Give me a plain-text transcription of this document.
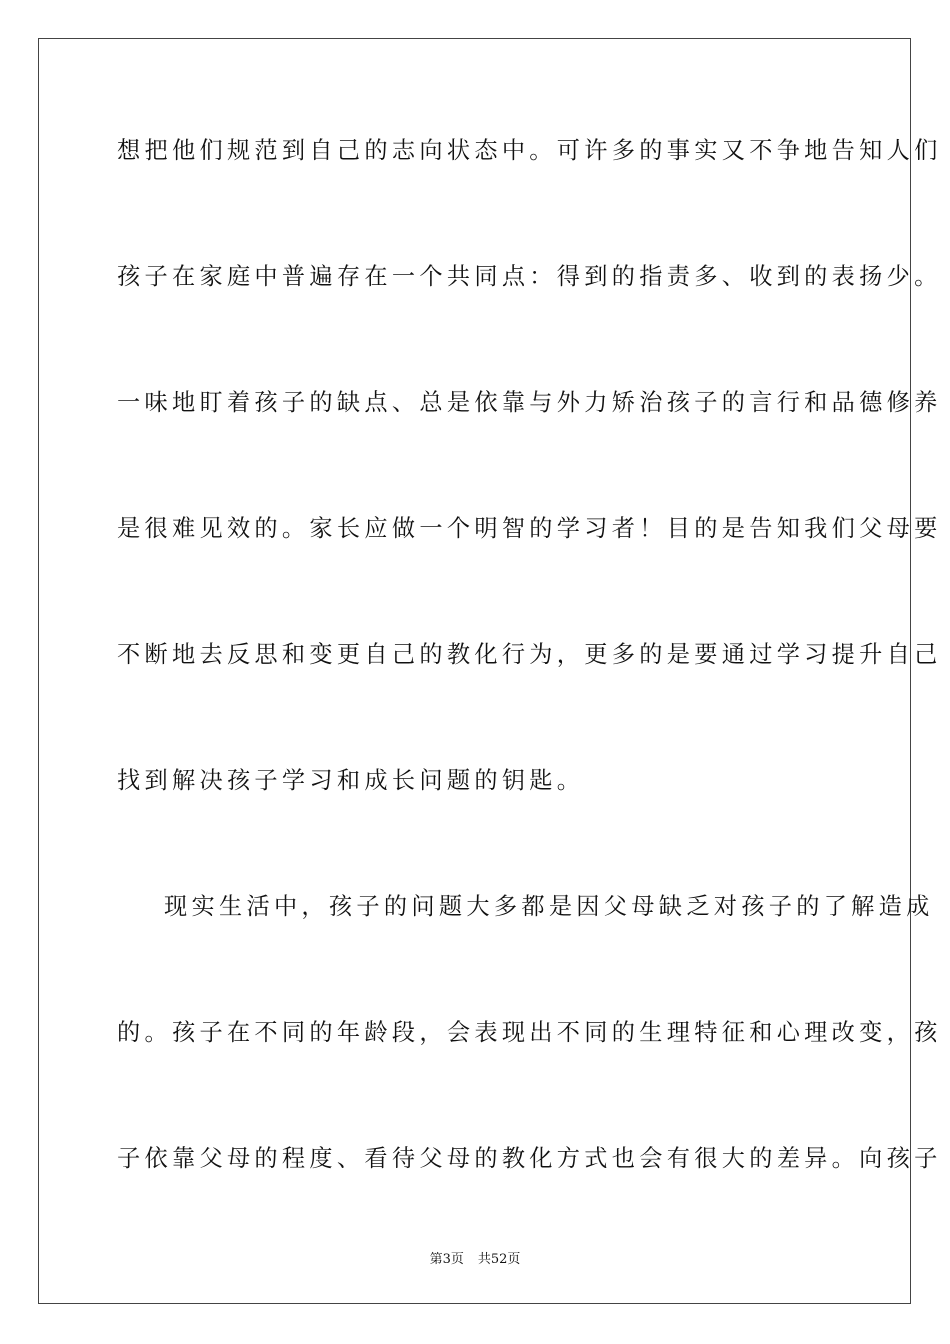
想把他们规范到自己的志向状态中。可许多的事实又不争地告知人们
孩子在家庭中普遍存在一个共同点：得到的指责多、收到的表扬少。
一味地盯着孩子的缺点、总是依靠与外力矫治孩子的言行和品德修养
是很难见效的。家长应做一个明智的学习者！目的是告知我们父母要
不断地去反思和变更自己的教化行为，更多的是要通过学习提升自己
找到解决孩子学习和成长问题的钥匙。
现实生活中，孩子的问题大多都是因父母缺乏对孩子的了解造成
的。孩子在不同的年龄段，会表现出不同的生理特征和心理改变，孩
子依靠父母的程度、看待父母的教化方式也会有很大的差异。向孩子
第3页 共52页
